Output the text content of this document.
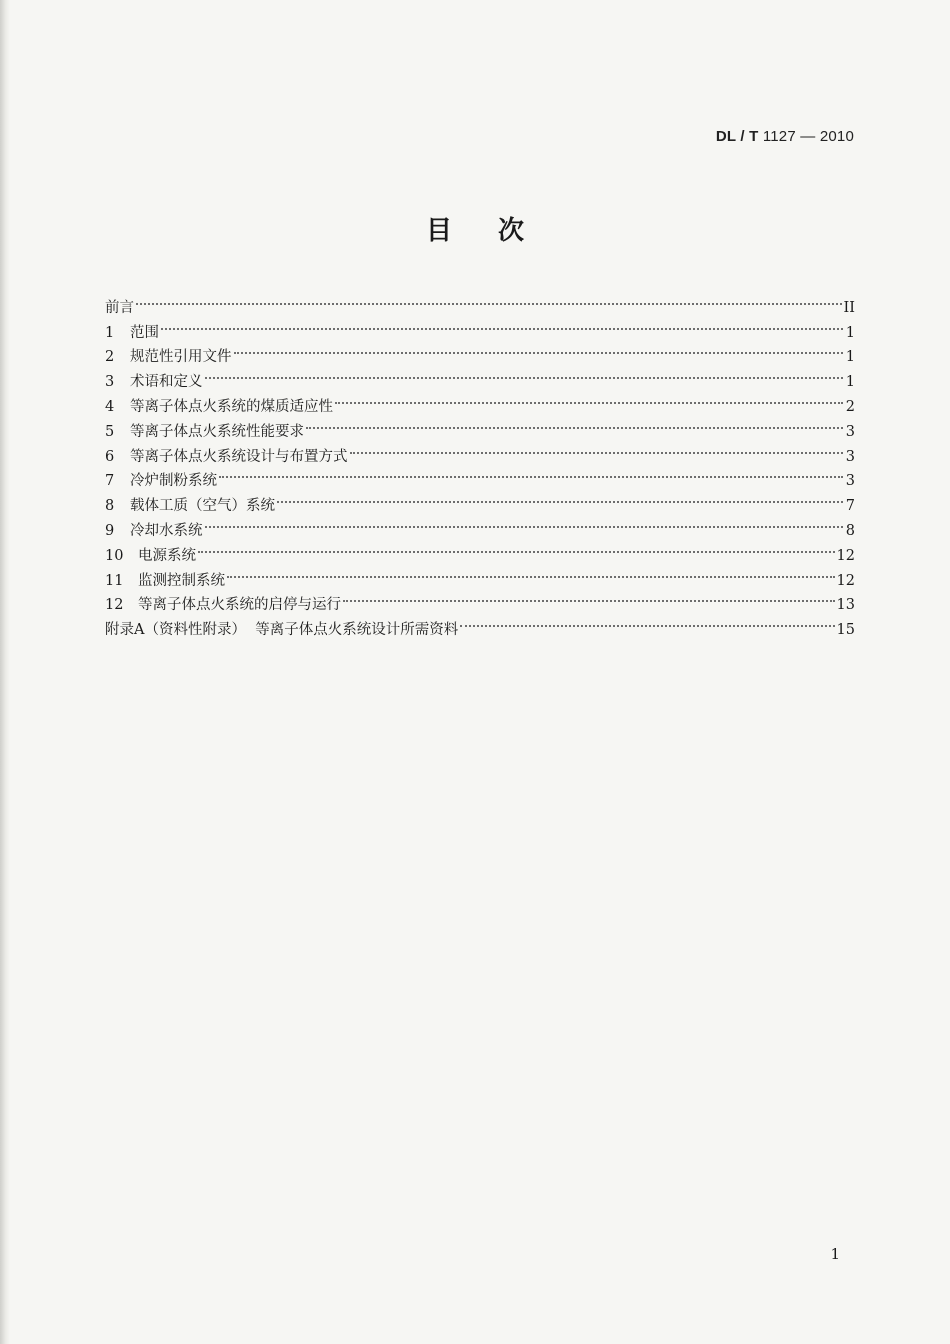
DL / T 1127 — 2010
目次
前言	II
1	范围	1
2	规范性引用文件	1
3	术语和定义	1
4	等离子体点火系统的煤质适应性	2
5	等离子体点火系统性能要求	3
6	等离子体点火系统设计与布置方式	3
7	冷炉制粉系统	3
8	载体工质（空气）系统	7
9	冷却水系统	8
10	电源系统	12
11	监测控制系统	12
12	等离子体点火系统的启停与运行	13
附录A（资料性附录）  等离子体点火系统设计所需资料	15
1
